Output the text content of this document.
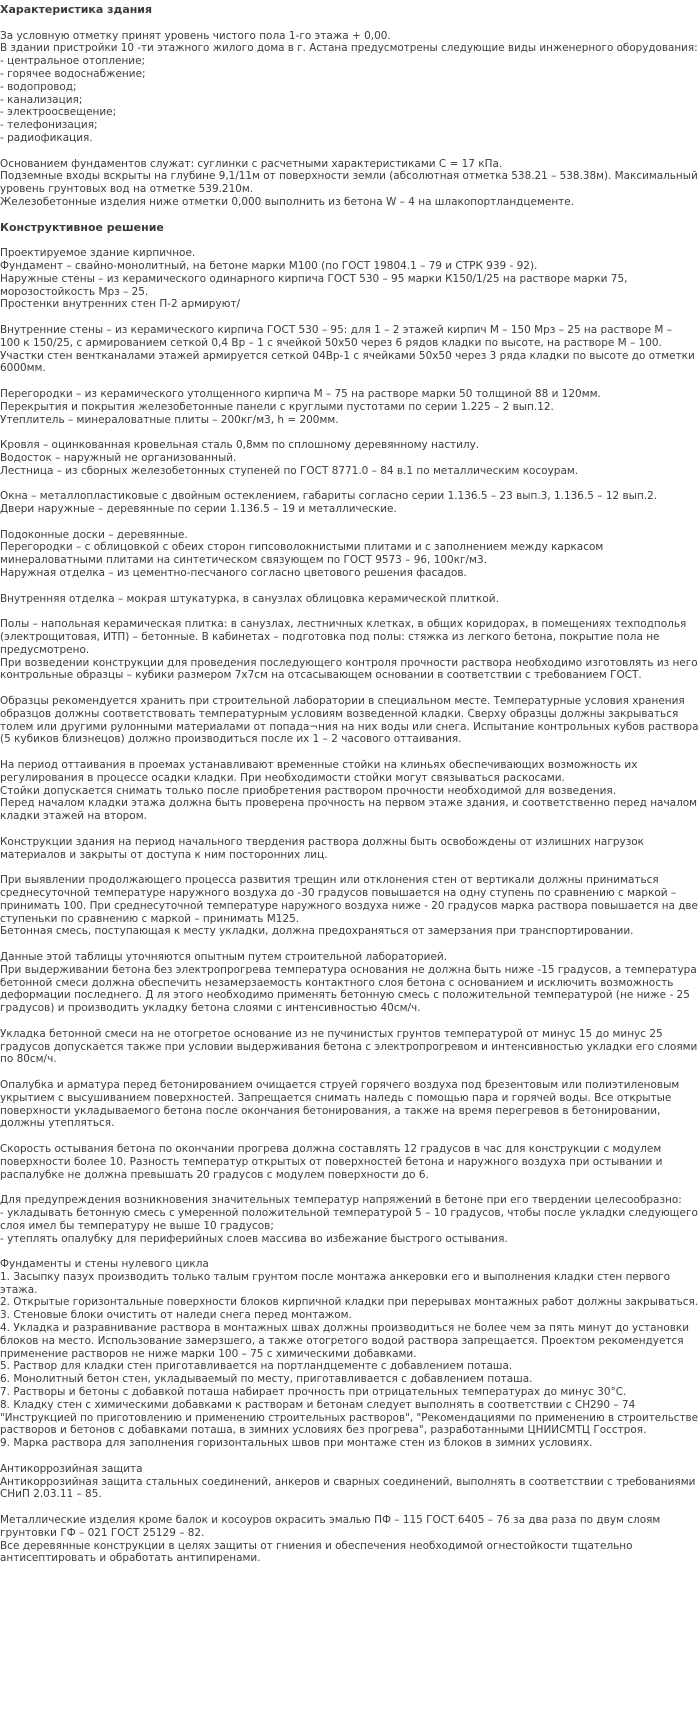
Характеристика здания
За условную отметку принят уровень чистого пола 1-го этажа + 0,00.
В здании пристройки 10 -ти этажного жилого дома в г. Астана предусмотрены следующие виды инженерного оборудования:
- центральное отопление;
- горячее водоснабжение;
- водопровод;
- канализация;
- электроосвещение;
- телефонизация;
- радиофикация.
Основанием фундаментов служат: суглинки с расчетными характеристиками С = 17 кПа.
Подземные входы вскрыты на глубине 9,1/11м от поверхности земли (абсолютная отметка 538.21 – 538.38м). Максимальный
уровень грунтовых вод на отметке 539.210м.
Железобетонные изделия ниже отметки 0,000 выполнить из бетона W – 4 на шлакопортландцементе.
Конструктивное решение
Проектируемое здание кирпичное.
Фундамент – свайно-монолитный, на бетоне марки М100 (по ГОСТ 19804.1 – 79 и СТРК 939 - 92).
Наружные стены – из керамического одинарного кирпича ГОСТ 530 – 95 марки К150/1/25 на растворе марки 75,
морозостойкость Мрз – 25.
Простенки внутренних стен П-2 армируют/
Внутренние стены – из керамического кирпича ГОСТ 530 – 95: для 1 – 2 этажей кирпич М – 150 Мрз – 25 на растворе М –
100 к 150/25, с армированием сеткой 0,4 Вр – 1 с ячейкой 50х50 через 6 рядов кладки по высоте, на растворе М – 100.
Участки стен вентканалами этажей армируется сеткой 04Вр-1 с ячейками 50х50 через 3 ряда кладки по высоте до отметки
6000мм.
Перегородки – из керамического утолщенного кирпича М – 75 на растворе марки 50 толщиной 88 и 120мм.
Перекрытия и покрытия железобетонные панели с круглыми пустотами по серии 1.225 – 2 вып.12.
Утеплитель – минераловатные плиты – 200кг/м3, h = 200мм.
Кровля – оцинкованная кровельная сталь 0,8мм по сплошному деревянному настилу.
Водосток – наружный не организованный.
Лестница – из сборных железобетонных ступеней по ГОСТ 8771.0 – 84 в.1 по металлическим косоурам.
Окна – металлопластиковые с двойным остеклением, габариты согласно серии 1.136.5 – 23 вып.3, 1.136.5 – 12 вып.2.
Двери наружные – деревянные по серии 1.136.5 – 19 и металлические.
Подоконные доски – деревянные.
Перегородки – с облицовкой с обеих сторон гипсоволокнистыми плитами и с заполнением между каркасом
минераловатными плитами на синтетическом связующем по ГОСТ 9573 – 96, 100кг/м3.
Наружная отделка – из цементно-песчаного согласно цветового решения фасадов.
Внутренняя отделка – мокрая штукатурка, в санузлах облицовка керамической плиткой.
Полы – напольная керамическая плитка: в санузлах, лестничных клетках, в общих коридорах, в помещениях техподполья
(электрощитовая, ИТП) – бетонные. В кабинетах – подготовка под полы: стяжка из легкого бетона, покрытие пола не
предусмотрено.
При возведении конструкции для проведения последующего контроля прочности раствора необходимо изготовлять из него
контрольные образцы – кубики размером 7х7см на отсасывающем основании в соответствии с требованием ГОСТ.
Образцы рекомендуется хранить при строительной лаборатории в специальном месте. Температурные условия хранения
образцов должны соответствовать температурным условиям возведенной кладки. Сверху образцы должны закрываться
толем или другими рулонными материалами от попада¬ния на них воды или снега. Испытание контрольных кубов раствора
(5 кубиков близнецов) должно производиться после их 1 – 2 часового оттаивания.
На период оттаивания в проемах устанавливают временные стойки на клиньях обеспечивающих возможность их
регулирования в процессе осадки кладки. При необходимости стойки могут связываться раскосами.
Стойки допускается снимать только после приобретения раствором прочности необходимой для возведения.
Перед началом кладки этажа должна быть проверена прочность на первом этаже здания, и соответственно перед началом
кладки этажей на втором.
Конструкции здания на период начального твердения раствора должны быть освобождены от излишних нагрузок
материалов и закрыты от доступа к ним посторонних лиц.
При выявлении продолжающего процесса развития трещин или отклонения стен от вертикали должны приниматься
среднесуточной температуре наружного воздуха до -30 градусов повышается на одну ступень по сравнению с маркой –
принимать 100. При среднесуточной температуре наружного воздуха ниже - 20 градусов марка раствора повышается на две
ступеньки по сравнению с маркой – принимать М125.
Бетонная смесь, поступающая к месту укладки, должна предохраняться от замерзания при транспортировании.
Данные этой таблицы уточняются опытным путем строительной лабораторией.
При выдерживании бетона без электропрогрева температура основания не должна быть ниже -15 градусов, а температура
бетонной смеси должна обеспечить незамерзаемость контактного слоя бетона с основанием и исключить возможность
деформации последнего. Д ля этого необходимо применять бетонную смесь с положительной температурой (не ниже - 25
градусов) и производить укладку бетона слоями с интенсивностью 40см/ч.
Укладка бетонной смеси на не отогретое основание из не пучинистых грунтов температурой от минус 15 до минус 25
градусов допускается также при условии выдерживания бетона с электропрогревом и интенсивностью укладки его слоями
по 80см/ч.
Опалубка и арматура перед бетонированием очищается струей горячего воздуха под брезентовым или полиэтиленовым
укрытием с высушиванием поверхностей. Запрещается снимать наледь с помощью пара и горячей воды. Все открытые
поверхности укладываемого бетона после окончания бетонирования, а также на время перегревов в бетонировании,
должны утепляться.
Скорость остывания бетона по окончании прогрева должна составлять 12 градусов в час для конструкции с модулем
поверхности более 10. Разность температур открытых от поверхностей бетона и наружного воздуха при остывании и
распалубке не должна превышать 20 градусов с модулем поверхности до 6.
Для предупреждения возникновения значительных температур напряжений в бетоне при его твердении целесообразно:
- укладывать бетонную смесь с умеренной положительной температурой 5 – 10 градусов, чтобы после укладки следующего
слоя имел бы температуру не выше 10 градусов;
- утеплять опалубку для периферийных слоев массива во избежание быстрого остывания.
Фундаменты и стены нулевого цикла
1. Засыпку пазух производить только талым грунтом после монтажа анкеровки его и выполнения кладки стен первого
этажа.
2. Открытые горизонтальные поверхности блоков кирпичной кладки при перерывах монтажных работ должны закрываться.
3. Стеновые блоки очистить от наледи снега перед монтажом.
4. Укладка и разравнивание раствора в монтажных швах должны производиться не более чем за пять минут до установки
блоков на место. Использование замерзшего, а также отогретого водой раствора запрещается. Проектом рекомендуется
применение растворов не ниже марки 100 – 75 с химическими добавками.
5. Раствор для кладки стен приготавливается на портландцементе с добавлением поташа.
6. Монолитный бетон стен, укладываемый по месту, приготавливается с добавлением поташа.
7. Растворы и бетоны с добавкой поташа набирает прочность при отрицательных температурах до минус 30°С.
8. Кладку стен с химическими добавками к растворам и бетонам следует выполнять в соответствии с СН290 – 74
"Инструкцией по приготовлению и применению строительных растворов", "Рекомендациями по применению в строительстве
растворов и бетонов с добавками поташа, в зимних условиях без прогрева", разработанными ЦНИИСМТЦ Госстроя.
9. Марка раствора для заполнения горизонтальных швов при монтаже стен из блоков в зимних условиях.
Антикоррозийная защита
Антикоррозийная защита стальных соединений, анкеров и сварных соединений, выполнять в соответствии с требованиями
СНиП 2.03.11 – 85.
Металлические изделия кроме балок и косоуров окрасить эмалью ПФ – 115 ГОСТ 6405 – 76 за два раза по двум слоям
грунтовки ГФ – 021 ГОСТ 25129 – 82.
Все деревянные конструкции в целях защиты от гниения и обеспечения необходимой огнестойкости тщательно
антисептировать и обработать антипиренами.
